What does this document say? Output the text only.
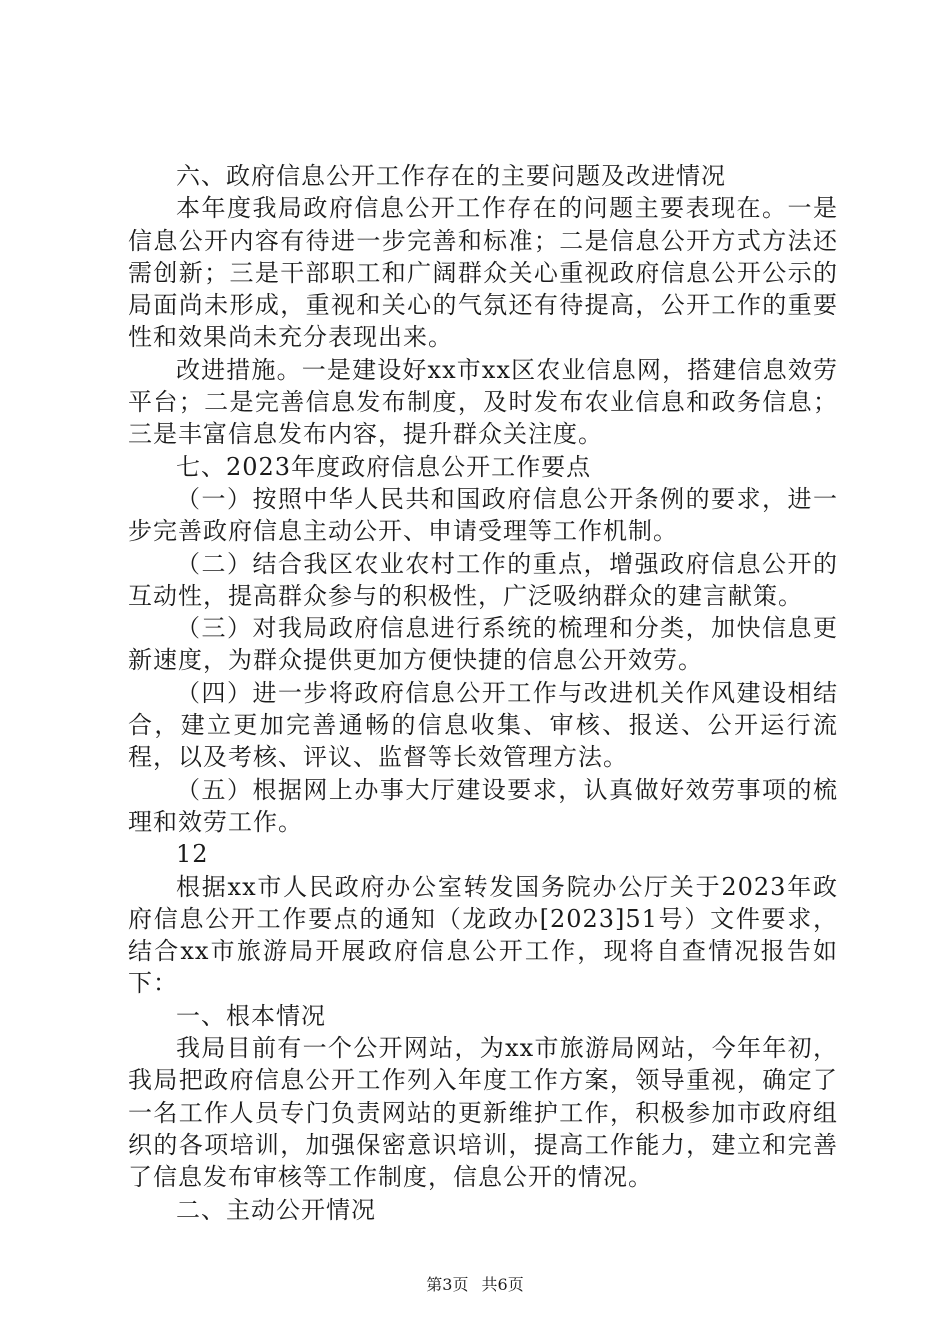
六、政府信息公开工作存在的主要问题及改进情况

本年度我局政府信息公开工作存在的问题主要表现在。一是信息公开内容有待进一步完善和标准；二是信息公开方式方法还需创新；三是干部职工和广阔群众关心重视政府信息公开公示的局面尚未形成，重视和关心的气氛还有待提高，公开工作的重要性和效果尚未充分表现出来。

改进措施。一是建设好xx市xx区农业信息网，搭建信息效劳平台；二是完善信息发布制度，及时发布农业信息和政务信息；三是丰富信息发布内容，提升群众关注度。

七、2023年度政府信息公开工作要点

（一）按照中华人民共和国政府信息公开条例的要求，进一步完善政府信息主动公开、申请受理等工作机制。

（二）结合我区农业农村工作的重点，增强政府信息公开的互动性，提高群众参与的积极性，广泛吸纳群众的建言献策。

（三）对我局政府信息进行系统的梳理和分类，加快信息更新速度，为群众提供更加方便快捷的信息公开效劳。

（四）进一步将政府信息公开工作与改进机关作风建设相结合，建立更加完善通畅的信息收集、审核、报送、公开运行流程，以及考核、评议、监督等长效管理方法。

（五）根据网上办事大厅建设要求，认真做好效劳事项的梳理和效劳工作。

12

根据xx市人民政府办公室转发国务院办公厅关于2023年政府信息公开工作要点的通知（龙政办[2023]51号）文件要求，结合xx市旅游局开展政府信息公开工作，现将自查情况报告如下：

一、根本情况

我局目前有一个公开网站，为xx市旅游局网站，今年年初，我局把政府信息公开工作列入年度工作方案，领导重视，确定了一名工作人员专门负责网站的更新维护工作，积极参加市政府组织的各项培训，加强保密意识培训，提高工作能力，建立和完善了信息发布审核等工作制度，信息公开的情况。

二、主动公开情况

第3页 共6页
